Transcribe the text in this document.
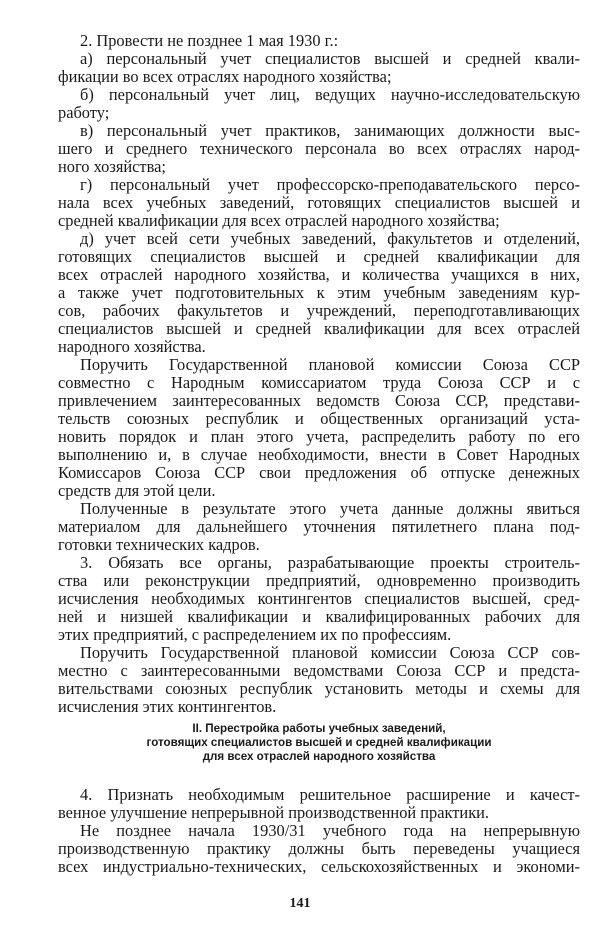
2. Провести не позднее 1 мая 1930 г.:
а) персональный учет специалистов высшей и средней квали-
фикации во всех отраслях народного хозяйства;
б) персональный учет лиц, ведущих научно-исследовательскую
работу;
в) персональный учет практиков, занимающих должности выс-
шего и среднего технического персонала во всех отраслях народ-
ного хозяйства;
г) персональный учет профессорско-преподавательского персо-
нала всех учебных заведений, готовящих специалистов высшей и
средней квалификации для всех отраслей народного хозяйства;
д) учет всей сети учебных заведений, факультетов и отделений,
готовящих специалистов высшей и средней квалификации для
всех отраслей народного хозяйства, и количества учащихся в них,
а также учет подготовительных к этим учебным заведениям кур-
сов, рабочих факультетов и учреждений, переподготавливающих
специалистов высшей и средней квалификации для всех отраслей
народного хозяйства.
Поручить Государственной плановой комиссии Союза ССР
совместно с Народным комиссариатом труда Союза ССР и с
привлечением заинтересованных ведомств Союза ССР, представи-
тельств союзных республик и общественных организаций уста-
новить порядок и план этого учета, распределить работу по его
выполнению и, в случае необходимости, внести в Совет Народных
Комиссаров Союза ССР свои предложения об отпуске денежных
средств для этой цели.
Полученные в результате этого учета данные должны явиться
материалом для дальнейшего уточнения пятилетнего плана под-
готовки технических кадров.
3. Обязать все органы, разрабатывающие проекты строитель-
ства или реконструкции предприятий, одновременно производить
исчисления необходимых контингентов специалистов высшей, сред-
ней и низшей квалификации и квалифицированных рабочих для
этих предприятий, с распределением их по профессиям.
Поручить Государственной плановой комиссии Союза ССР сов-
местно с заинтересованными ведомствами Союза ССР и предста-
вительствами союзных республик установить методы и схемы для
исчисления этих контингентов.
II. Перестройка работы учебных заведений,
готовящих специалистов высшей и средней квалификации
для всех отраслей народного хозяйства
4. Признать необходимым решительное расширение и качест-
венное улучшение непрерывной производственной практики.
Не позднее начала 1930/31 учебного года на непрерывную
производственную практику должны быть переведены учащиеся
всех индустриально-технических, сельскохозяйственных и экономи-
141
